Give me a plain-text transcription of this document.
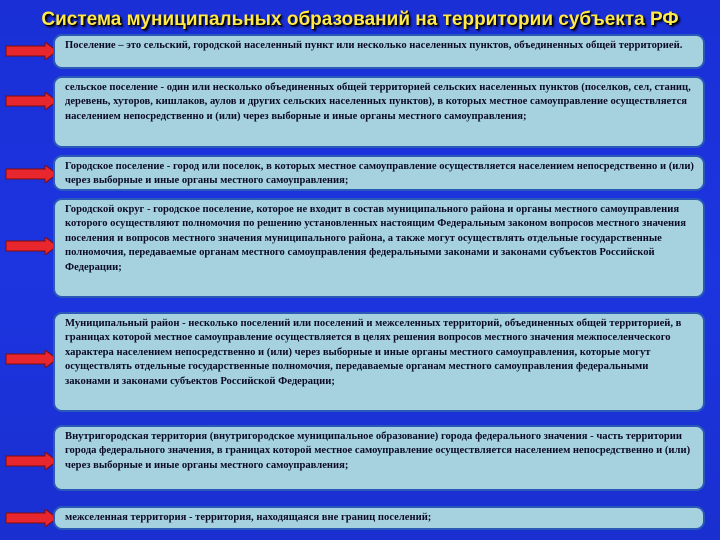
Система муниципальных образований на территории субъекта РФ
Поселение – это сельский, городской населенный пункт или несколько населенных пунктов, объединенных общей территорией.
сельское поселение - один или несколько объединенных общей территорией сельских населенных пунктов (поселков, сел, станиц, деревень, хуторов, кишлаков, аулов и других сельских населенных пунктов), в которых местное самоуправление осуществляется населением непосредственно и (или) через выборные и иные органы местного самоуправления;
Городское поселение - город или поселок, в которых местное самоуправление осуществляется населением непосредственно и (или) через выборные и иные органы местного самоуправления;
Городской округ - городское поселение, которое не входит в состав муниципального района и органы местного самоуправления которого осуществляют полномочия по решению установленных настоящим Федеральным законом вопросов местного значения поселения и вопросов местного значения муниципального района, а также могут осуществлять отдельные государственные полномочия, передаваемые органам местного самоуправления федеральными законами и законами субъектов Российской Федерации;
Муниципальный район - несколько поселений или поселений и межселенных территорий, объединенных общей территорией, в границах которой местное самоуправление осуществляется в целях решения вопросов местного значения межпоселенческого характера населением непосредственно и (или) через выборные и иные органы местного самоуправления, которые могут осуществлять отдельные государственные полномочия, передаваемые органам местного самоуправления федеральными законами и законами субъектов Российской Федерации;
Внутригородская территория (внутригородское муниципальное образование) города федерального значения - часть территории города федерального значения, в границах которой местное самоуправление осуществляется населением непосредственно и (или) через выборные и иные органы местного самоуправления;
межселенная территория - территория, находящаяся вне границ поселений;
